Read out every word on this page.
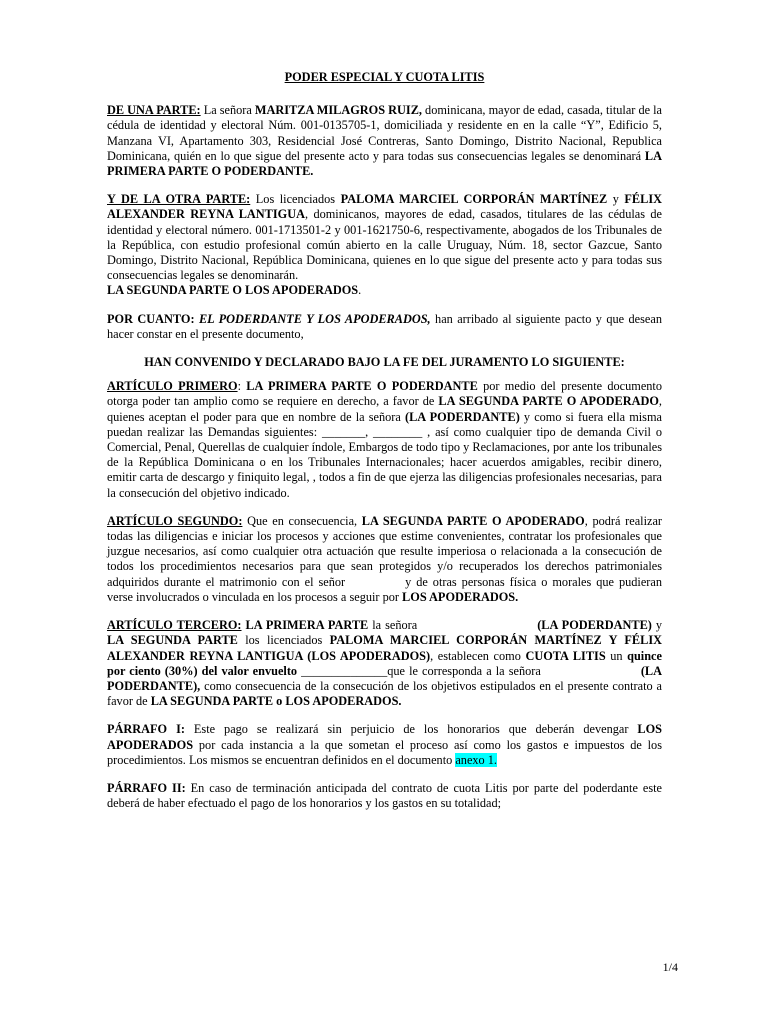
PODER ESPECIAL Y CUOTA LITIS

DE UNA PARTE: La señora MARITZA MILAGROS RUIZ, dominicana, mayor de edad, casada, titular de la cédula de identidad y electoral Núm. 001-0135705-1, domiciliada y residente en en la calle “Y”, Edificio 5, Manzana VI, Apartamento 303, Residencial José Contreras, Santo Domingo, Distrito Nacional, Republica Dominicana, quién en lo que sigue del presente acto y para todas sus consecuencias legales se denominará LA PRIMERA PARTE O PODERDANTE.

Y DE LA OTRA PARTE: Los licenciados PALOMA MARCIEL CORPORÁN MARTÍNEZ y FÉLIX ALEXANDER REYNA LANTIGUA, dominicanos, mayores de edad, casados, titulares de las cédulas de identidad y electoral número. 001-1713501-2 y 001-1621750-6, respectivamente, abogados de los Tribunales de la República, con estudio profesional común abierto en la calle Uruguay, Núm. 18, sector Gazcue, Santo Domingo, Distrito Nacional, República Dominicana, quienes en lo que sigue del presente acto y para todas sus consecuencias legales se denominarán.

LA SEGUNDA PARTE O LOS APODERADOS.

POR CUANTO: EL PODERDANTE Y LOS APODERADOS, han arribado al siguiente pacto y que desean hacer constar en el presente documento,

HAN CONVENIDO Y DECLARADO BAJO LA FE DEL JURAMENTO LO SIGUIENTE:

ARTÍCULO PRIMERO: LA PRIMERA PARTE O PODERDANTE por medio del presente documento otorga poder tan amplio como se requiere en derecho, a favor de LA SEGUNDA PARTE O APODERADO, quienes aceptan el poder para que en nombre de la señora (LA PODERDANTE) y como si fuera ella misma puedan realizar las Demandas siguientes: _______, ________ , así como cualquier tipo de demanda Civil o Comercial, Penal, Querellas de cualquier índole, Embargos de todo tipo y Reclamaciones, por ante los tribunales de la República Dominicana o en los Tribunales Internacionales; hacer acuerdos amigables, recibir dinero, emitir carta de descargo y finiquito legal, , todos a fin de que ejerza las diligencias profesionales necesarias, para la consecución del objetivo indicado.

ARTÍCULO SEGUNDO: Que en consecuencia, LA SEGUNDA PARTE O APODERADO, podrá realizar todas las diligencias e iniciar los procesos y acciones que estime convenientes, contratar los profesionales que juzgue necesarios, así como cualquier otra actuación que resulte imperiosa o relacionada a la consecución de todos los procedimientos necesarios para que sean protegidos y/o recuperados los derechos patrimoniales adquiridos durante el matrimonio con el señor	y de otras personas física o morales que pudieran verse involucrados o vinculada en los procesos a seguir por LOS APODERADOS.

ARTÍCULO TERCERO: LA PRIMERA PARTE la señora	(LA PODERDANTE) y LA SEGUNDA PARTE los licenciados PALOMA MARCIEL CORPORÁN MARTÍNEZ Y FÉLIX ALEXANDER REYNA LANTIGUA (LOS APODERADOS), establecen como CUOTA LITIS un quince por ciento (30%) del valor envuelto ______________que le corresponda a la señora	(LA PODERDANTE), como consecuencia de la consecución de los objetivos estipulados en el presente contrato a favor de LA SEGUNDA PARTE o LOS APODERADOS.

PÁRRAFO I: Este pago se realizará sin perjuicio de los honorarios que deberán devengar LOS APODERADOS por cada instancia a la que sometan el proceso así como los gastos e impuestos de los procedimientos. Los mismos se encuentran definidos en el documento anexo 1.

PÁRRAFO II: En caso de terminación anticipada del contrato de cuota Litis por parte del poderdante este deberá de haber efectuado el pago de los honorarios y los gastos en su totalidad;

1/4
